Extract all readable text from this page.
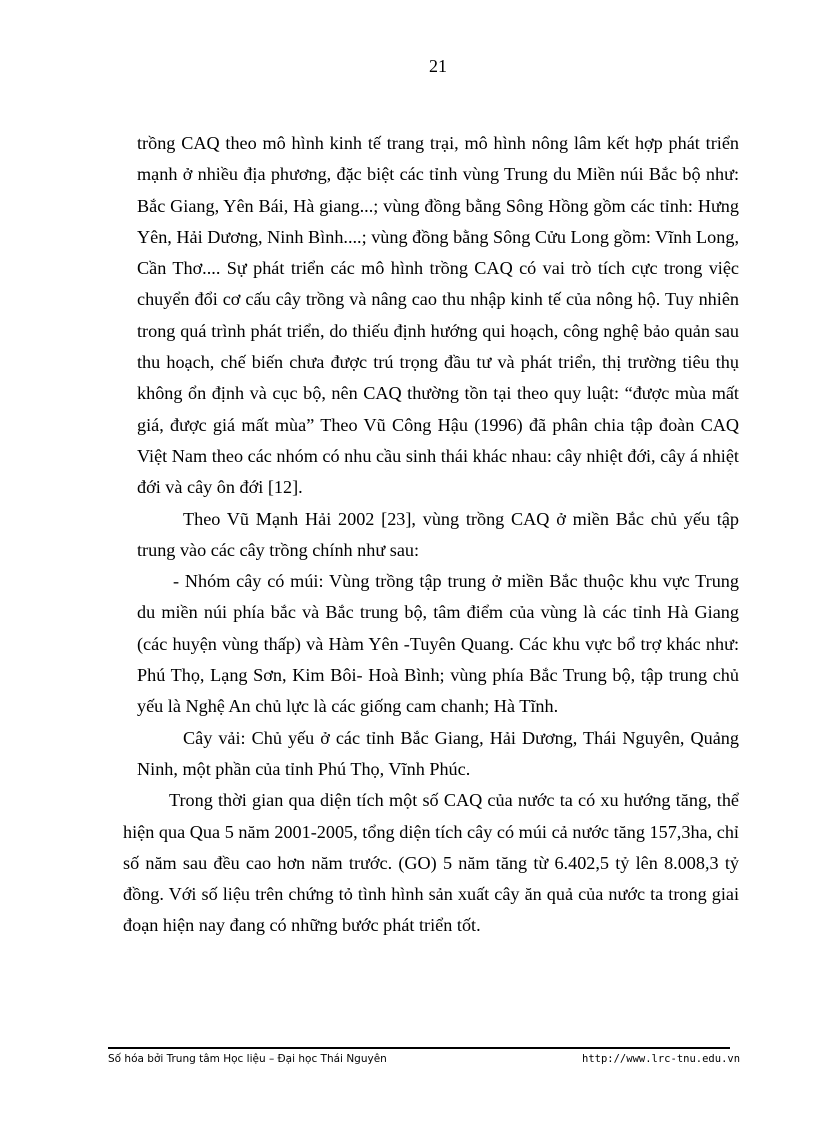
21

trồng CAQ theo mô hình kinh tế trang trại, mô hình nông lâm kết hợp phát triển mạnh ở nhiều địa phương, đặc biệt các tỉnh vùng Trung du Miền núi Bắc bộ như: Bắc Giang, Yên Bái, Hà giang...; vùng đồng bằng Sông Hồng gồm các tỉnh: Hưng Yên, Hải Dương, Ninh Bình....; vùng đồng bằng Sông Cửu Long gồm: Vĩnh Long, Cần Thơ.... Sự phát triển các mô hình trồng CAQ có vai trò tích cực trong việc chuyển đổi cơ cấu cây trồng và nâng cao thu nhập kinh tế của nông hộ. Tuy nhiên trong quá trình phát triển, do thiếu định hướng qui hoạch, công nghệ bảo quản sau thu hoạch, chế biến chưa được trú trọng đầu tư và phát triển, thị trường tiêu thụ không ổn định và cục bộ, nên CAQ thường tồn tại theo quy luật: “được mùa mất giá, được giá mất mùa” Theo Vũ Công Hậu (1996) đã phân chia tập đoàn CAQ Việt Nam theo các nhóm có nhu cầu sinh thái khác nhau: cây nhiệt đới, cây á nhiệt đới và cây ôn đới [12].

Theo Vũ Mạnh Hải 2002 [23], vùng trồng CAQ ở miền Bắc chủ yếu tập trung vào các cây trồng chính như sau:

- Nhóm cây có múi: Vùng trồng tập trung ở miền Bắc thuộc khu vực Trung du miền núi phía bắc và Bắc trung bộ, tâm điểm của vùng là các tỉnh Hà Giang (các huyện vùng thấp) và Hàm Yên -Tuyên Quang. Các khu vực bổ trợ khác như: Phú Thọ, Lạng Sơn, Kim Bôi- Hoà Bình; vùng phía Bắc Trung bộ, tập trung chủ yếu là Nghệ An chủ lực là các giống cam chanh; Hà Tĩnh.

Cây vải: Chủ yếu ở các tỉnh Bắc Giang, Hải Dương, Thái Nguyên, Quảng Ninh, một phần của tỉnh Phú Thọ, Vĩnh Phúc.

Trong thời gian qua diện tích một số CAQ của nước ta có xu hướng tăng, thể hiện qua Qua 5 năm 2001-2005, tổng diện tích cây có múi cả nước tăng 157,3ha, chỉ số năm sau đều cao hơn năm trước. (GO) 5 năm tăng từ 6.402,5 tỷ lên 8.008,3 tỷ đồng. Với số liệu trên chứng tỏ tình hình sản xuất cây ăn quả của nước ta trong giai đoạn hiện nay đang có những bước phát triển tốt.

Số hóa bởi Trung tâm Học liệu – Đại học Thái Nguyên	http://www.lrc-tnu.edu.vn
